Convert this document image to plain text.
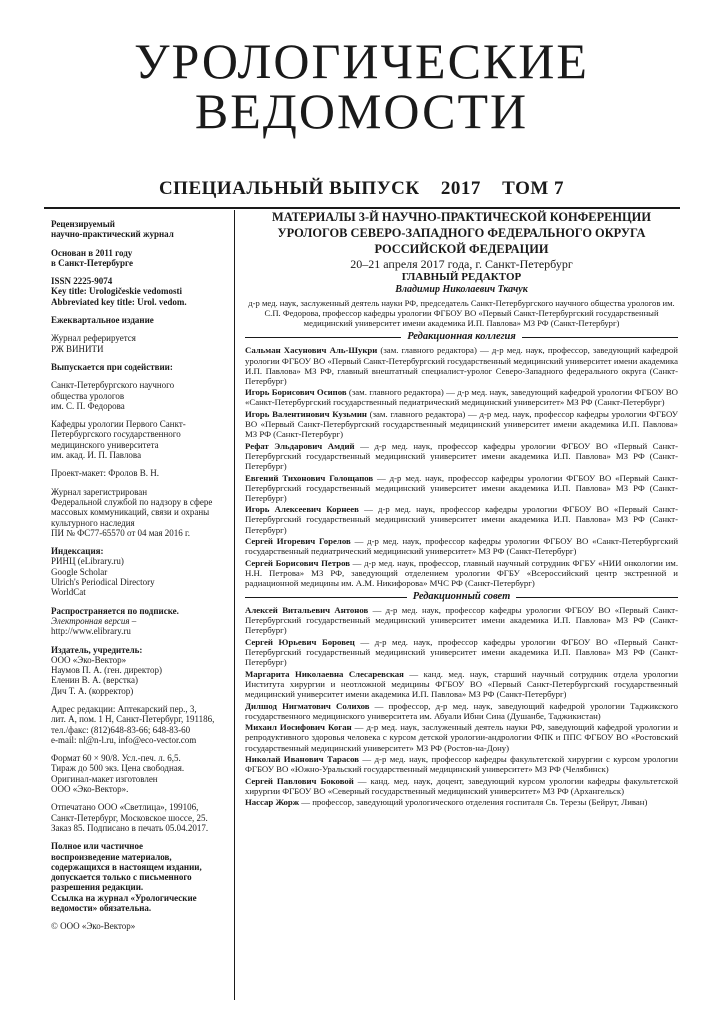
УРОЛОГИЧЕСКИЕ
ВЕДОМОСТИ
СПЕЦИАЛЬНЫЙ ВЫПУСК 2017 ТОМ 7
Рецензируемый
научно-практический журнал
Основан в 2011 году
в Санкт-Петербурге
ISSN 2225-9074
Key title: Urologičeskie vedomosti
Abbreviated key title: Urol. vedom.
Ежеквартальное издание
Журнал реферируется
РЖ ВИНИТИ
Выпускается при содействии:
Санкт-Петербургского научного
общества урологов
им. С. П. Федорова
Кафедры урологии Первого Санкт-
Петербургского государственного
медицинского университета
им. акад. И. П. Павлова
Проект-макет: Фролов В. Н.
Журнал зарегистрирован
Федеральной службой по надзору в сфере
массовых коммуникаций, связи и охраны
культурного наследия
ПИ № ФС77-65570 от 04 мая 2016 г.
Индексация:
РИНЦ (eLibrary.ru)
Google Scholar
Ulrich's Periodical Directory
WorldCat
Распространяется по подписке.
Электронная версия –
http://www.elibrary.ru
Издатель, учредитель:
ООО «Эко-Вектор»
Наумов П. А. (ген. директор)
Еленин В. А. (верстка)
Дич Т. А. (корректор)
Адрес редакции: Аптекарский пер., 3,
лит. А, пом. 1 Н, Санкт-Петербург, 191186,
тел./факс: (812)648-83-66; 648-83-60
e-mail: nl@n-l.ru, info@eco-vector.com
Формат 60 × 90/8. Усл.-печ. л. 6,5.
Тираж до 500 экз. Цена свободная.
Оригинал-макет изготовлен
ООО «Эко-Вектор».
Отпечатано ООО «Светлица», 199106,
Санкт-Петербург, Московское шоссе, 25.
Заказ 85. Подписано в печать 05.04.2017.
Полное или частичное
воспроизведение материалов,
содержащихся в настоящем издании,
допускается только с письменного
разрешения редакции.
Ссылка на журнал «Урологические
ведомости» обязательна.
© ООО «Эко-Вектор»
МАТЕРИАЛЫ 3-Й НАУЧНО-ПРАКТИЧЕСКОЙ КОНФЕРЕНЦИИ
УРОЛОГОВ СЕВЕРО-ЗАПАДНОГО ФЕДЕРАЛЬНОГО ОКРУГА
РОССИЙСКОЙ ФЕДЕРАЦИИ
20–21 апреля 2017 года, г. Санкт-Петербург
ГЛАВНЫЙ РЕДАКТОР
Владимир Николаевич Ткачук
д-р мед. наук, заслуженный деятель науки РФ, председатель Санкт-Петербургского научного общества урологов им. С.П. Федорова, профессор кафедры урологии ФГБОУ ВО «Первый Санкт-Петербургский государственный медицинский университет имени академика И.П. Павлова» МЗ РФ (Санкт-Петербург)
Редакционная коллегия
Сальман Хасунович Аль-Шукри (зам. главного редактора) — д-р мед. наук, профессор, заведующий кафедрой урологии ФГБОУ ВО «Первый Санкт-Петербургский государственный медицинский университет имени академика И.П. Павлова» МЗ РФ, главный внештатный специалист-уролог Северо-Западного федерального округа (Санкт-Петербург)
Игорь Борисович Осипов (зам. главного редактора) — д-р мед. наук, заведующий кафедрой урологии ФГБОУ ВО «Санкт-Петербургский государственный педиатрический медицинский университет» МЗ РФ (Санкт-Петербург)
Игорь Валентинович Кузьмин (зам. главного редактора) — д-р мед. наук, профессор кафедры урологии ФГБОУ ВО «Первый Санкт-Петербургский государственный медицинский университет имени академика И.П. Павлова» МЗ РФ (Санкт-Петербург)
Рефат Эльдарович Амдий — д-р мед. наук, профессор кафедры урологии ФГБОУ ВО «Первый Санкт-Петербургский государственный медицинский университет имени академика И.П. Павлова» МЗ РФ (Санкт-Петербург)
Евгений Тихонович Голощапов — д-р мед. наук, профессор кафедры урологии ФГБОУ ВО «Первый Санкт-Петербургский государственный медицинский университет имени академика И.П. Павлова» МЗ РФ (Санкт-Петербург)
Игорь Алексеевич Корнеев — д-р мед. наук, профессор кафедры урологии ФГБОУ ВО «Первый Санкт-Петербургский государственный медицинский университет имени академика И.П. Павлова» МЗ РФ (Санкт-Петербург)
Сергей Игоревич Горелов — д-р мед. наук, профессор кафедры урологии ФГБОУ ВО «Санкт-Петербургский государственный педиатрический медицинский университет» МЗ РФ (Санкт-Петербург)
Сергей Борисович Петров — д-р мед. наук, профессор, главный научный сотрудник ФГБУ «НИИ онкологии им. Н.Н. Петрова» МЗ РФ, заведующий отделением урологии ФГБУ «Всероссийский центр экстренной и радиационной медицины им. А.М. Никифорова» МЧС РФ (Санкт-Петербург)
Редакционный совет
Алексей Витальевич Антонов — д-р мед. наук, профессор кафедры урологии ФГБОУ ВО «Первый Санкт-Петербургский государственный медицинский университет имени академика И.П. Павлова» МЗ РФ (Санкт-Петербург)
Сергей Юрьевич Боровец — д-р мед. наук, профессор кафедры урологии ФГБОУ ВО «Первый Санкт-Петербургский государственный медицинский университет имени академика И.П. Павлова» МЗ РФ (Санкт-Петербург)
Маргарита Николаевна Слесаревская — канд. мед. наук, старший научный сотрудник отдела урологии Института хирургии и неотложной медицины ФГБОУ ВО «Первый Санкт-Петербургский государственный медицинский университет имени академика И.П. Павлова» МЗ РФ (Санкт-Петербург)
Дилшод Нигматович Солихов — профессор, д-р мед. наук, заведующий кафедрой урологии Таджикского государственного медицинского университета им. Абуали Ибни Сина (Душанбе, Таджикистан)
Михаил Иосифович Коган — д-р мед. наук, заслуженный деятель науки РФ, заведующий кафедрой урологии и репродуктивного здоровья человека с курсом детской урологии-андрологии ФПК и ППС ФГБОУ ВО «Ростовский государственный медицинский университет» МЗ РФ (Ростов-на-Дону)
Николай Иванович Тарасов — д-р мед. наук, профессор кафедры факультетской хирургии с курсом урологии ФГБОУ ВО «Южно-Уральский государственный медицинский университет» МЗ РФ (Челябинск)
Сергей Павлович Боковой — канд. мед. наук, доцент, заведующий курсом урологии кафедры факультетской хирургии ФГБОУ ВО «Северный государственный медицинский университет» МЗ РФ (Архангельск)
Нассар Жорж — профессор, заведующий урологического отделения госпиталя Св. Терезы (Бейрут, Ливан)
